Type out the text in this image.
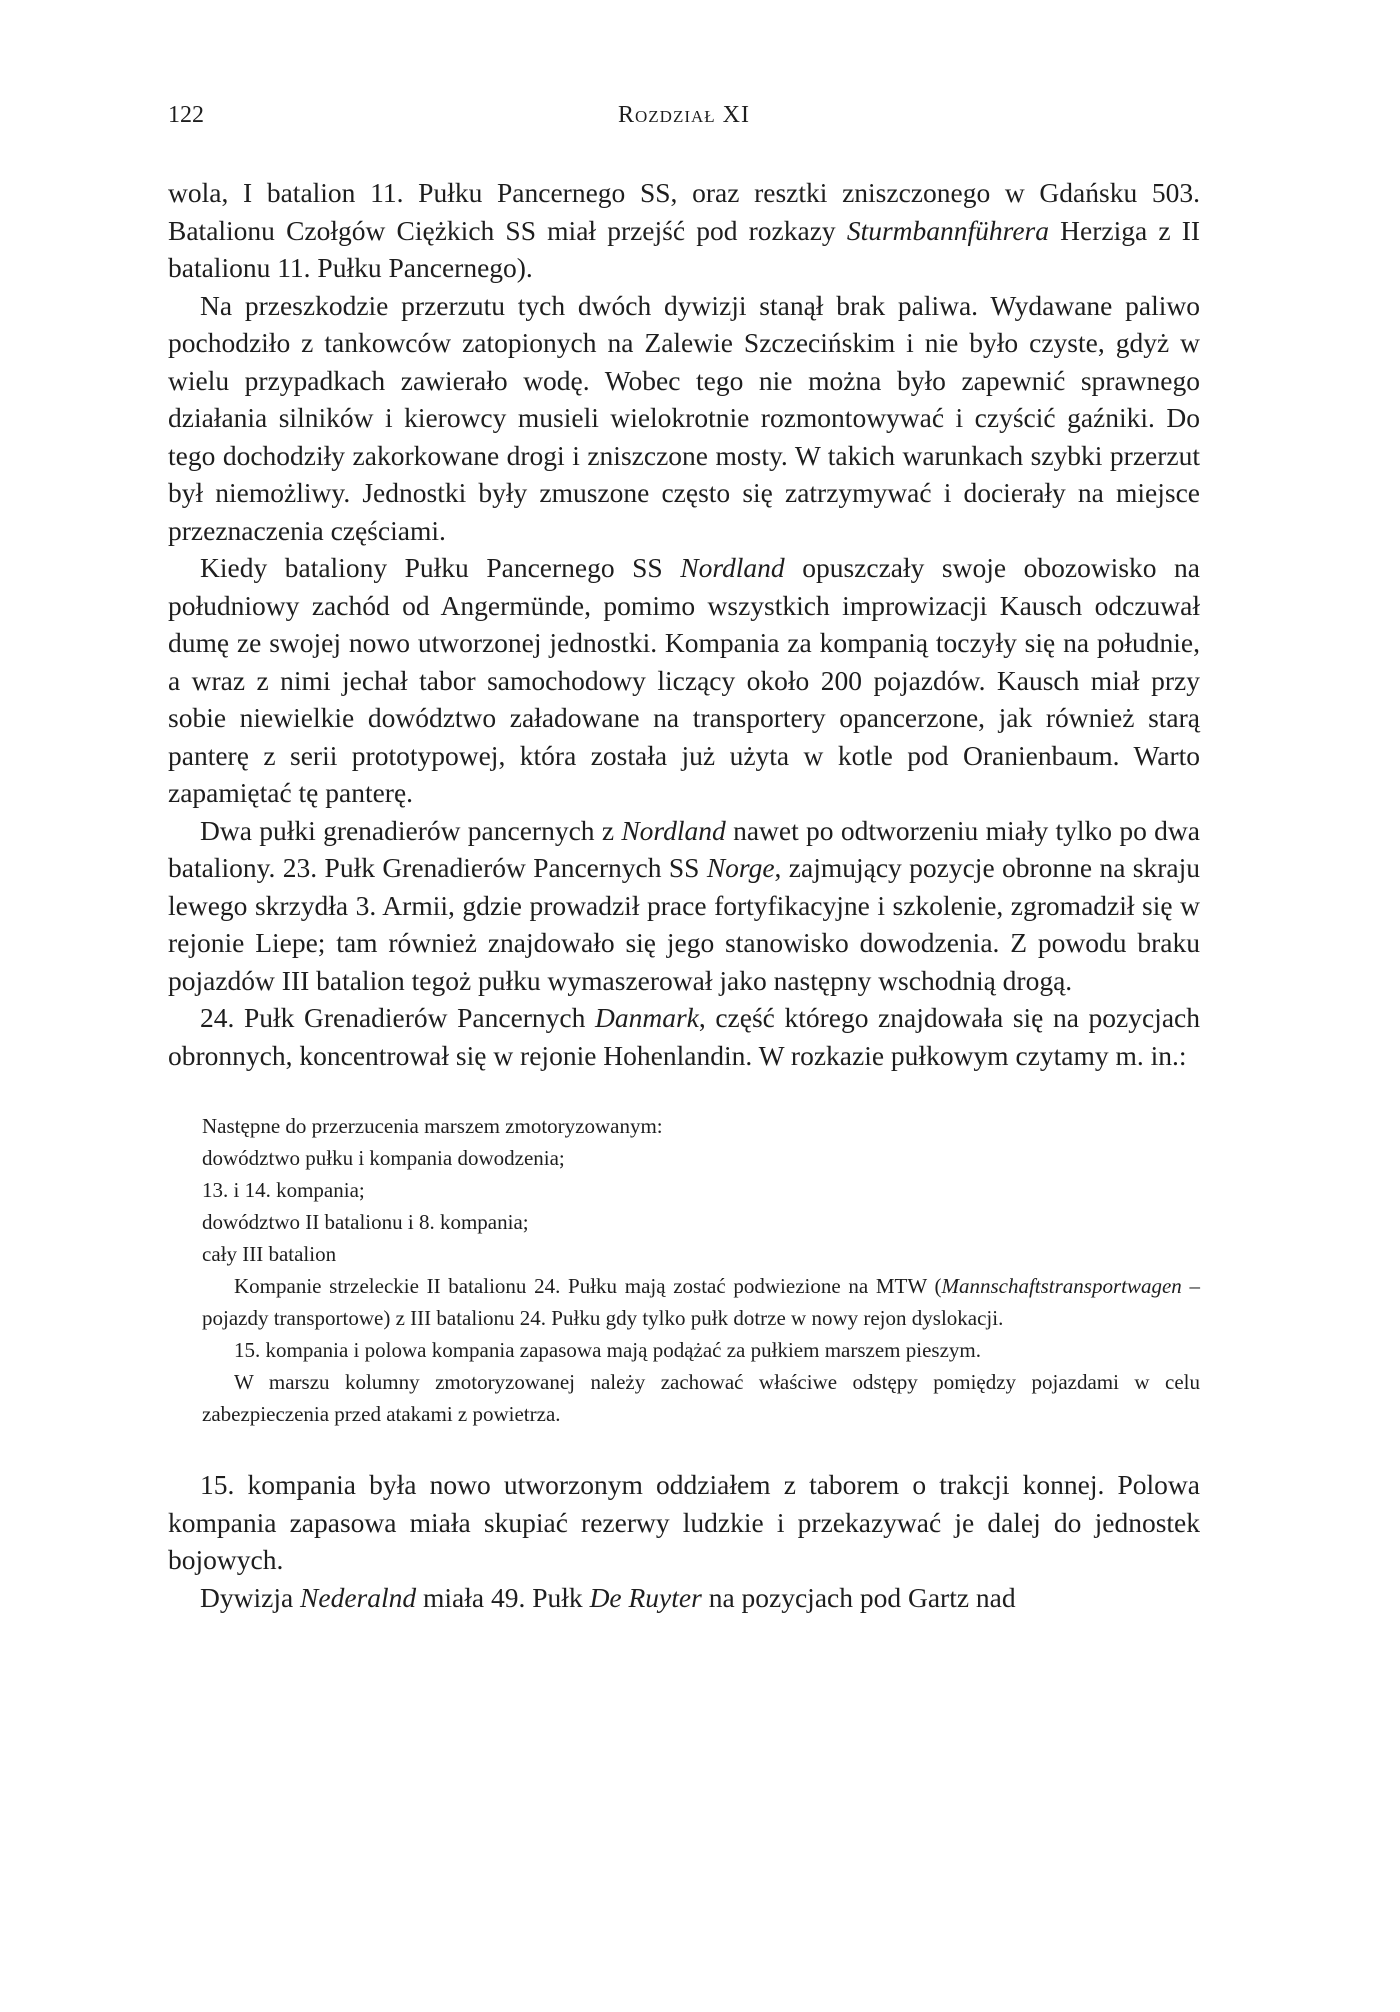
122	Rozdział XI

wola, I batalion 11. Pułku Pancernego SS, oraz resztki zniszczonego w Gdańsku 503. Batalionu Czołgów Ciężkich SS miał przejść pod rozkazy Sturmbannführera Herziga z II batalionu 11. Pułku Pancernego).

Na przeszkodzie przerzutu tych dwóch dywizji stanął brak paliwa. Wydawane paliwo pochodziło z tankowców zatopionych na Zalewie Szczecińskim i nie było czyste, gdyż w wielu przypadkach zawierało wodę. Wobec tego nie można było zapewnić sprawnego działania silników i kierowcy musieli wielokrotnie rozmontowywać i czyścić gaźniki. Do tego dochodziły zakorkowane drogi i zniszczone mosty. W takich warunkach szybki przerzut był niemożliwy. Jednostki były zmuszone często się zatrzymywać i docierały na miejsce przeznaczenia częściami.

Kiedy bataliony Pułku Pancernego SS Nordland opuszczały swoje obozowisko na południowy zachód od Angermünde, pomimo wszystkich improwizacji Kausch odczuwał dumę ze swojej nowo utworzonej jednostki. Kompania za kompanią toczyły się na południe, a wraz z nimi jechał tabor samochodowy liczący około 200 pojazdów. Kausch miał przy sobie niewielkie dowództwo załadowane na transportery opancerzone, jak również starą panterę z serii prototypowej, która została już użyta w kotle pod Oranienbaum. Warto zapamiętać tę panterę.

Dwa pułki grenadierów pancernych z Nordland nawet po odtworzeniu miały tylko po dwa bataliony. 23. Pułk Grenadierów Pancernych SS Norge, zajmujący pozycje obronne na skraju lewego skrzydła 3. Armii, gdzie prowadził prace fortyfikacyjne i szkolenie, zgromadził się w rejonie Liepe; tam również znajdowało się jego stanowisko dowodzenia. Z powodu braku pojazdów III batalion tegoż pułku wymaszerował jako następny wschodnią drogą.

24. Pułk Grenadierów Pancernych Danmark, część którego znajdowała się na pozycjach obronnych, koncentrował się w rejonie Hohenlandin. W rozkazie pułkowym czytamy m. in.:

Następne do przerzucenia marszem zmotoryzowanym:

dowództwo pułku i kompania dowodzenia;

13. i 14. kompania;

dowództwo II batalionu i 8. kompania;

cały III batalion

Kompanie strzeleckie II batalionu 24. Pułku mają zostać podwiezione na MTW (Mannschaftstransportwagen – pojazdy transportowe) z III batalionu 24. Pułku gdy tylko pułk dotrze w nowy rejon dyslokacji.

15. kompania i polowa kompania zapasowa mają podążać za pułkiem marszem pieszym.

W marszu kolumny zmotoryzowanej należy zachować właściwe odstępy pomiędzy pojazdami w celu zabezpieczenia przed atakami z powietrza.

15. kompania była nowo utworzonym oddziałem z taborem o trakcji konnej. Polowa kompania zapasowa miała skupiać rezerwy ludzkie i przekazywać je dalej do jednostek bojowych.

Dywizja Nederalnd miała 49. Pułk De Ruyter na pozycjach pod Gartz nad
